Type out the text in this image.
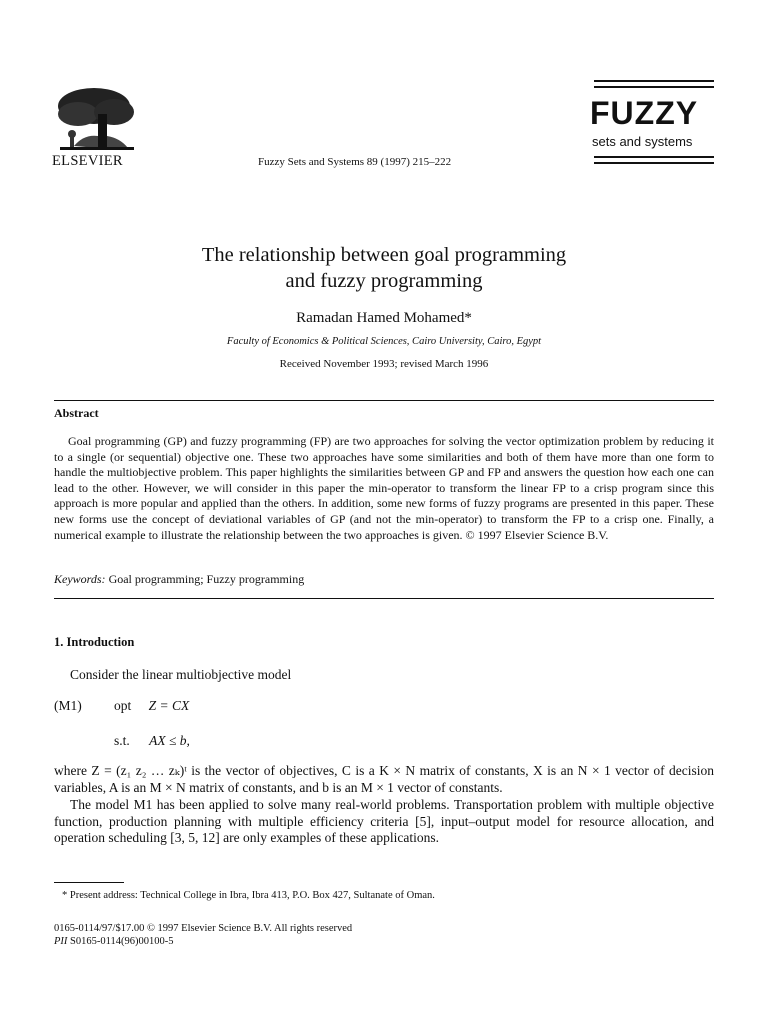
ELSEVIER	Fuzzy Sets and Systems 89 (1997) 215–222
FUZZY
sets and systems
The relationship between goal programming
and fuzzy programming
Ramadan Hamed Mohamed*
Faculty of Economics & Political Sciences, Cairo University, Cairo, Egypt
Received November 1993; revised March 1996
Abstract
Goal programming (GP) and fuzzy programming (FP) are two approaches for solving the vector optimization problem by reducing it to a single (or sequential) objective one. These two approaches have some similarities and both of them have more than one form to handle the multiobjective problem. This paper highlights the similarities between GP and FP and answers the question how each one can lead to the other. However, we will consider in this paper the min-operator to transform the linear FP to a crisp program since this approach is more popular and applied than the others. In addition, some new forms of fuzzy programs are presented in this paper. These new forms use the concept of deviational variables of GP (and not the min-operator) to transform the FP to a crisp one. Finally, a numerical example to illustrate the relationship between the two approaches is given. © 1997 Elsevier Science B.V.
Keywords: Goal programming; Fuzzy programming
1. Introduction
Consider the linear multiobjective model
(M1) opt Z = CX
s.t. AX ≤ b,
where Z = (z₁ z₂ … zₖ)ᵗ is the vector of objectives, C is a K × N matrix of constants, X is an N × 1 vector of decision variables, A is an M × N matrix of constants, and b is an M × 1 vector of constants.
The model M1 has been applied to solve many real-world problems. Transportation problem with multiple objective function, production planning with multiple efficiency criteria [5], input–output model for resource allocation, and operation scheduling [3, 5, 12] are only examples of these applications.
* Present address: Technical College in Ibra, Ibra 413, P.O. Box 427, Sultanate of Oman.
0165-0114/97/$17.00 © 1997 Elsevier Science B.V. All rights reserved
PII S0165-0114(96)00100-5
